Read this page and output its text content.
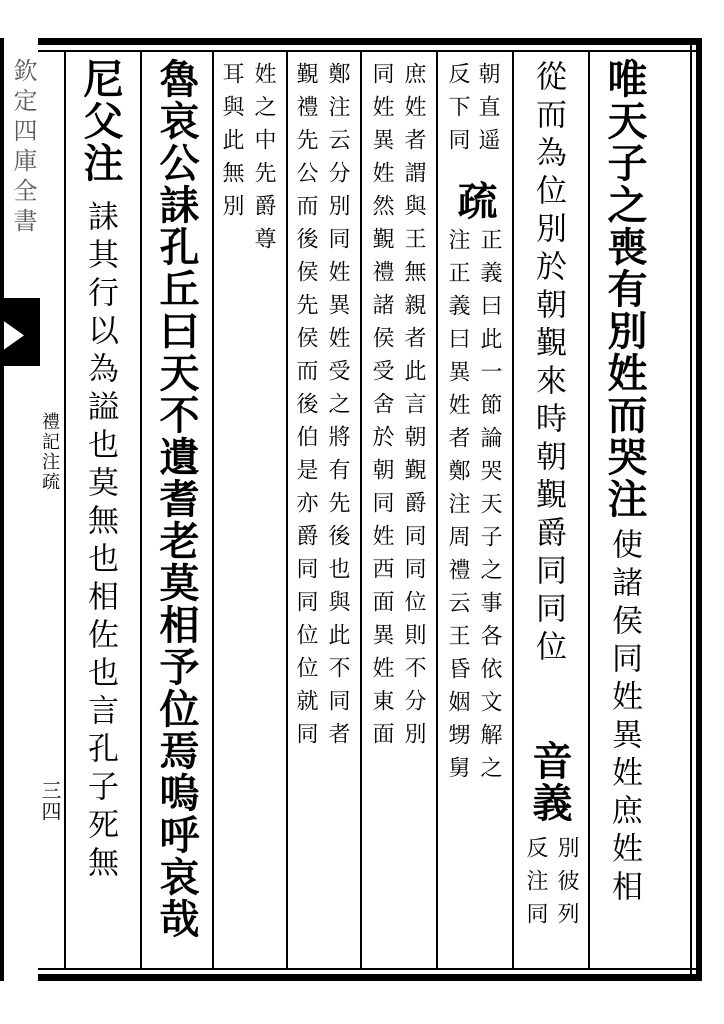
欽定四庫全書
禮記注疏
三四
唯天子之喪有別姓而哭注
使諸侯同姓異姓庶姓相
從而為位別於朝覲來時朝覲爵同同位
音義
別彼列
反注同
朝直遥
反下同
疏
正義曰此一節論哭天子之事各依文解之
注正義曰異姓者鄭注周禮云王昏姻甥舅
庶姓者謂與王無親者此言朝覲爵同同位則不分別
同姓異姓然覲禮諸侯受舍於朝同姓西面異姓東面
鄭注云分別同姓異姓受之將有先後也與此不同者
覲禮先公而後侯先侯而後伯是亦爵同同位位就同
姓之中先爵尊
耳與此無別
魯哀公誄孔丘曰天不遺耆老莫相予位焉嗚呼哀哉
尼父注
誄其行以為謚也莫無也相佐也言孔子死無
